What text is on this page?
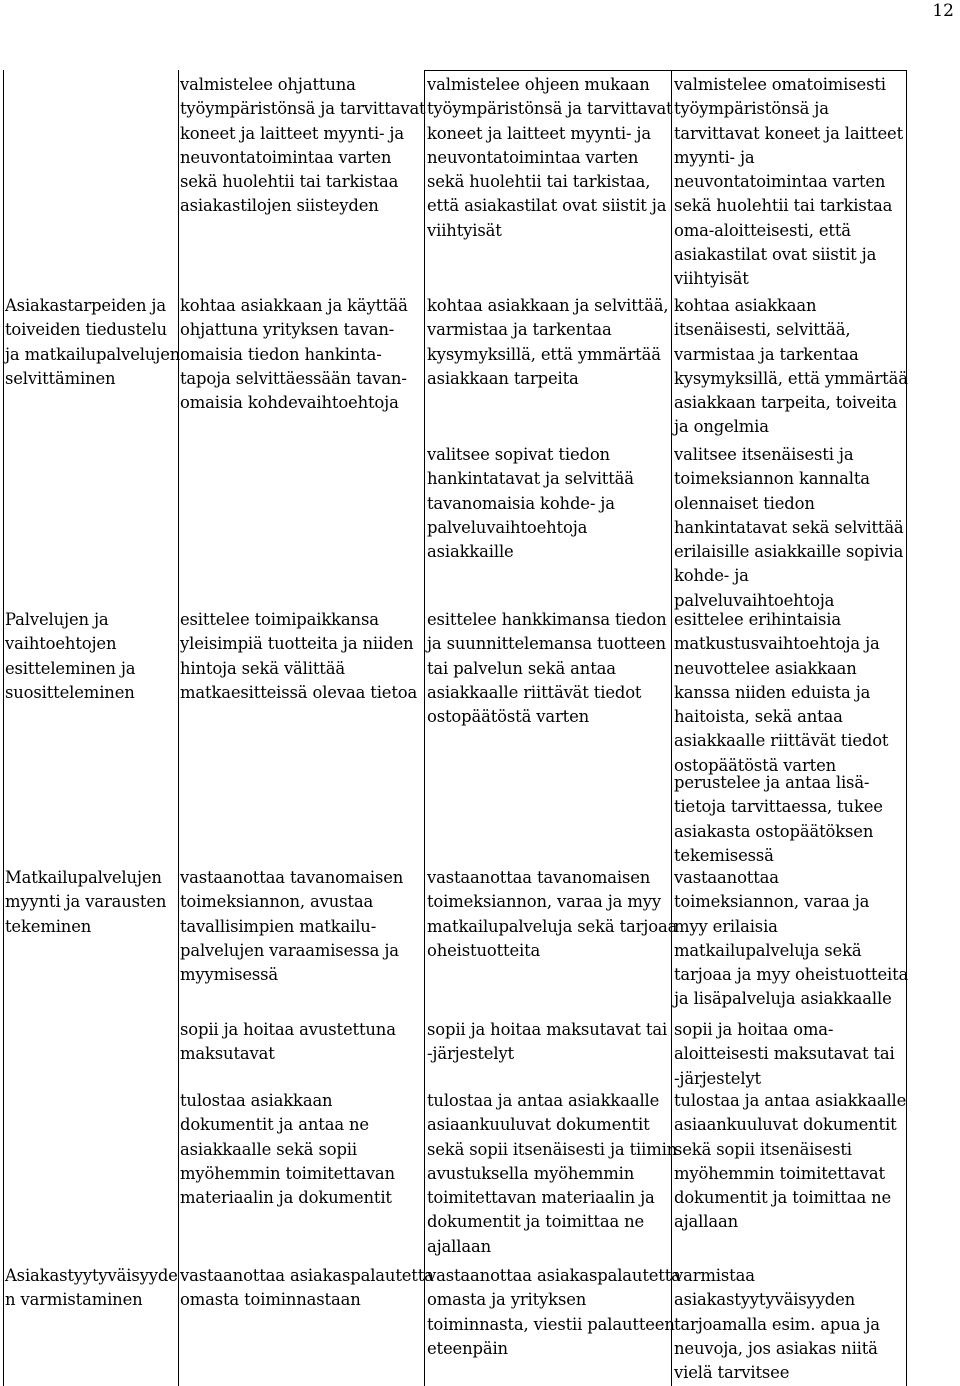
12
valmistelee ohjattuna
työympäristönsä ja tarvittavat
koneet ja laitteet myynti- ja
neuvontatoimintaa varten
sekä huolehtii tai tarkistaa
asiakastilojen siisteyden
valmistelee ohjeen mukaan
työympäristönsä ja tarvittavat
koneet ja laitteet myynti- ja
neuvontatoimintaa varten
sekä huolehtii tai tarkistaa,
että asiakastilat ovat siistit ja
viihtyisät
valmistelee omatoimisesti
työympäristönsä ja
tarvittavat koneet ja laitteet
myynti- ja
neuvontatoimintaa varten
sekä huolehtii tai tarkistaa
oma-aloitteisesti, että
asiakastilat ovat siistit ja
viihtyisät
Asiakastarpeiden ja
toiveiden tiedustelu
ja matkailupalvelujen
selvittäminen
kohtaa asiakkaan ja käyttää
ohjattuna yrityksen tavan-
omaisia tiedon hankinta-
tapoja selvittäessään tavan-
omaisia kohdevaihtoehtoja
kohtaa asiakkaan ja selvittää,
varmistaa ja tarkentaa
kysymyksillä, että ymmärtää
asiakkaan tarpeita
kohtaa asiakkaan
itsenäisesti, selvittää,
varmistaa ja tarkentaa
kysymyksillä, että ymmärtää
asiakkaan tarpeita, toiveita
ja ongelmia
valitsee sopivat tiedon
hankintatavat ja selvittää
tavanomaisia kohde- ja
palveluvaihtoehtoja
asiakkaille
valitsee itsenäisesti ja
toimeksiannon kannalta
olennaiset tiedon
hankintatavat sekä selvittää
erilaisille asiakkaille sopivia
kohde- ja
palveluvaihtoehtoja
Palvelujen ja
vaihtoehtojen
esitteleminen ja
suositteleminen
esittelee toimipaikkansa
yleisimpiä tuotteita ja niiden
hintoja sekä välittää
matkaesitteissä olevaa tietoa
esittelee hankkimansa tiedon
ja suunnittelemansa tuotteen
tai palvelun sekä antaa
asiakkaalle riittävät tiedot
ostopäätöstä varten
esittelee erihintaisia
matkustusvaihtoehtoja ja
neuvottelee asiakkaan
kanssa niiden eduista ja
haitoista, sekä antaa
asiakkaalle riittävät tiedot
ostopäätöstä varten
perustelee ja antaa lisä-
tietoja tarvittaessa, tukee
asiakasta ostopäätöksen
tekemisessä
Matkailupalvelujen
myynti ja varausten
tekeminen
vastaanottaa tavanomaisen
toimeksiannon, avustaa
tavallisimpien matkailu-
palvelujen varaamisessa ja
myymisessä
vastaanottaa tavanomaisen
toimeksiannon, varaa ja myy
matkailupalveluja sekä tarjoaa
oheistuotteita
vastaanottaa
toimeksiannon, varaa ja
myy erilaisia
matkailupalveluja sekä
tarjoaa ja myy oheistuotteita
ja lisäpalveluja asiakkaalle
sopii ja hoitaa avustettuna
maksutavat
sopii ja hoitaa maksutavat tai
-järjestelyt
sopii ja hoitaa oma-
aloitteisesti maksutavat tai
-järjestelyt
tulostaa asiakkaan
dokumentit ja antaa ne
asiakkaalle sekä sopii
myöhemmin toimitettavan
materiaalin ja dokumentit
tulostaa ja antaa asiakkaalle
asiaankuuluvat dokumentit
sekä sopii itsenäisesti ja tiimin
avustuksella myöhemmin
toimitettavan materiaalin ja
dokumentit ja toimittaa ne
ajallaan
tulostaa ja antaa asiakkaalle
asiaankuuluvat dokumentit
sekä sopii itsenäisesti
myöhemmin toimitettavat
dokumentit ja toimittaa ne
ajallaan
Asiakastyytyväisyyde
n varmistaminen
vastaanottaa asiakaspalautetta
omasta toiminnastaan
vastaanottaa asiakaspalautetta
omasta ja yrityksen
toiminnasta, viestii palautteen
eteenpäin
varmistaa
asiakastyytyväisyyden
tarjoamalla esim. apua ja
neuvoja, jos asiakas niitä
vielä tarvitsee
